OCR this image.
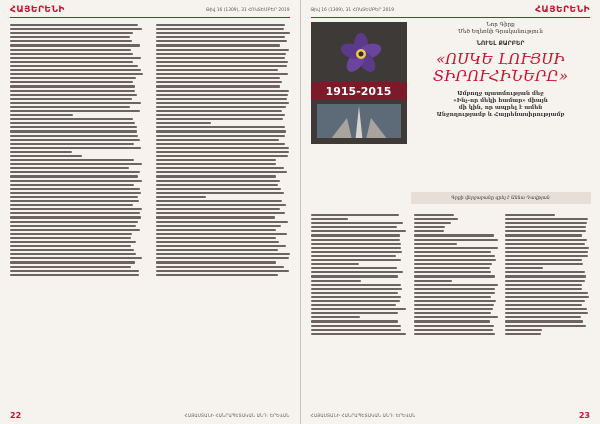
ՀԱՅԵՐԵՆԻ	Թիվ 16 (1309), 31 ՀՈԿՏԵՄԲԵՐ 2019
22	ՀԱՅԱՍՏԱՆԻ ՀԱՆՐԱՊԵՏԱԿԱՆ ԱՆԴ: ԵՐԵՎԱՆ
Թիվ 16 (1309), 31 ՀՈԿՏԵՄԲԵՐ 2019	ՀԱՅԵՐԵՆԻ
1915-2015
Նոր Գիրք
Մեծ Եղեռնի Գրականություն
ՆՈՒԵԼ ՔԱՐԲԵՐ
«ՈՍԿԵ ԼՈՒՅՍԻ
ՏԻՐՈՒՀԻՆԵՐԸ»
Ամբողջ պատմության մեջ
«Ինչ-որ մեկի համար» միայն
մի կին, որ ապրել է ամեն
Անջողությամբ և Հայրենասիրությամբ
Գրքի վերջաբանը գրել է Աննա Դավթյան
ՀԱՅԱՍՏԱՆԻ ՀԱՆՐԱՊԵՏԱԿԱՆ ԱՆԴ: ԵՐԵՎԱՆ	23
